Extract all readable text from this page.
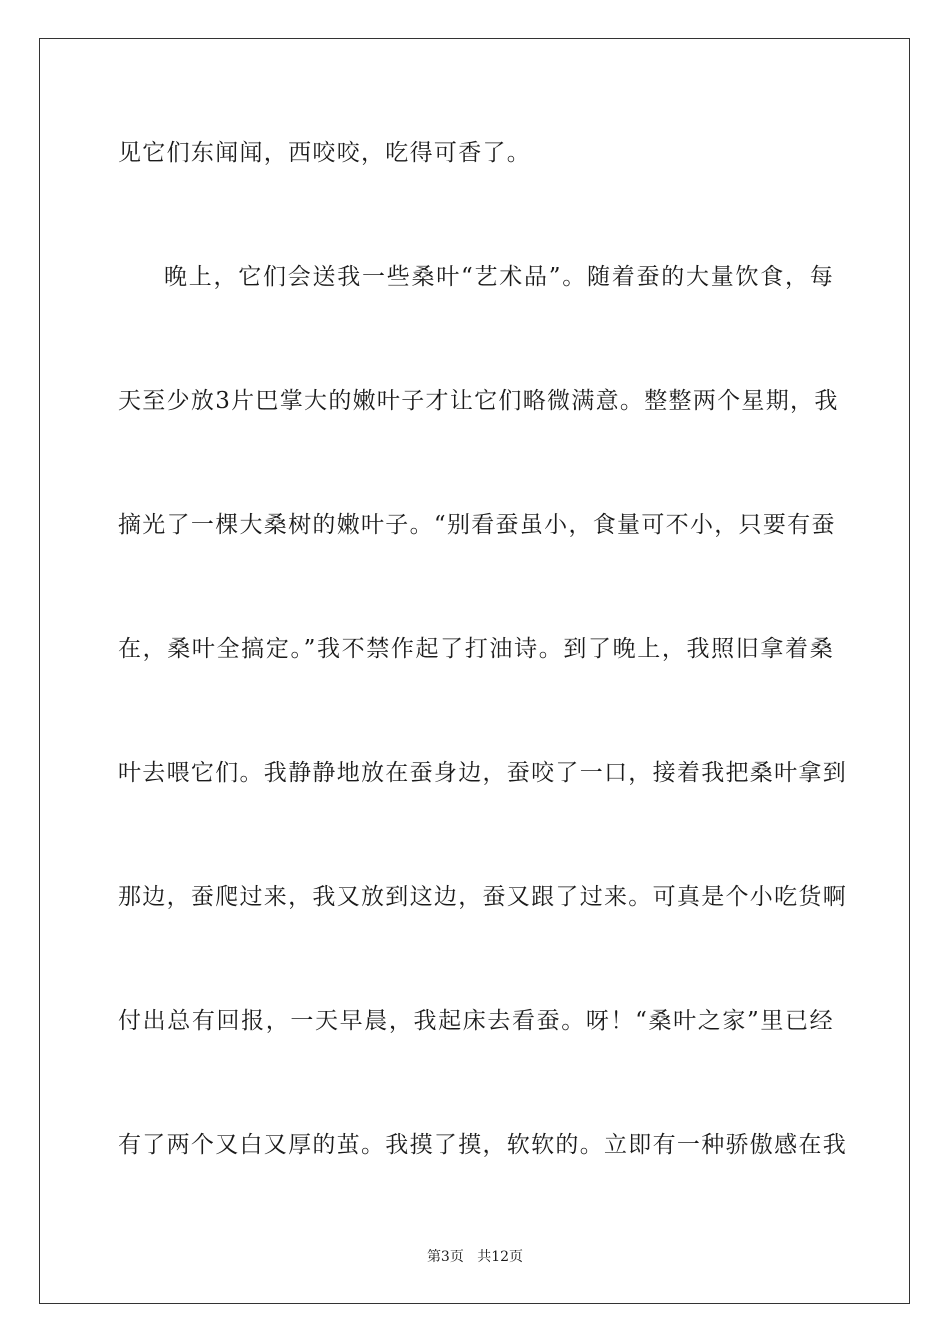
见它们东闻闻，西咬咬，吃得可香了。
晚上，它们会送我一些桑叶“艺术品”。随着蚕的大量饮食，每
天至少放3片巴掌大的嫩叶子才让它们略微满意。整整两个星期，我
摘光了一棵大桑树的嫩叶子。“别看蚕虽小，食量可不小，只要有蚕
在，桑叶全搞定。”我不禁作起了打油诗。到了晚上，我照旧拿着桑
叶去喂它们。我静静地放在蚕身边，蚕咬了一口，接着我把桑叶拿到
那边，蚕爬过来，我又放到这边，蚕又跟了过来。可真是个小吃货啊
付出总有回报，一天早晨，我起床去看蚕。呀！“桑叶之家”里已经
有了两个又白又厚的茧。我摸了摸，软软的。立即有一种骄傲感在我
第3页 共12页
